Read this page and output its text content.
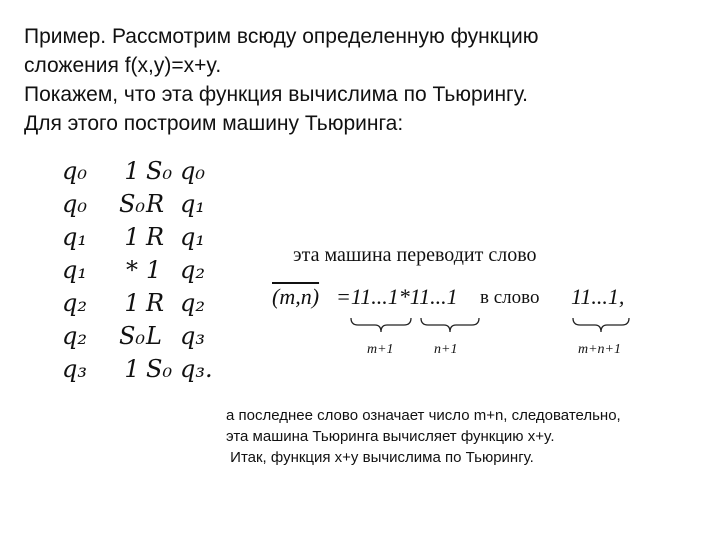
Пример. Рассмотрим всюду определенную функцию
сложения f(x,y)=x+y.
Покажем, что эта функция вычислима по Тьюрингу.
Для этого построим машину Тьюринга:
q₀ 1 S₀ q₀
q₀ S₀R q₁
q₁ 1 R q₁
q₁ * 1 q₂
q₂ 1 R q₂
q₂ S₀L q₃
q₃ 1 S₀ q₃.
эта машина переводит слово
(m,n) =11...1*11...1 в слово 11...1,
m+1	n+1	m+n+1
а последнее слово означает число m+n, следовательно,
эта машина Тьюринга вычисляет функцию x+y.
Итак, функция x+y вычислима по Тьюрингу.
